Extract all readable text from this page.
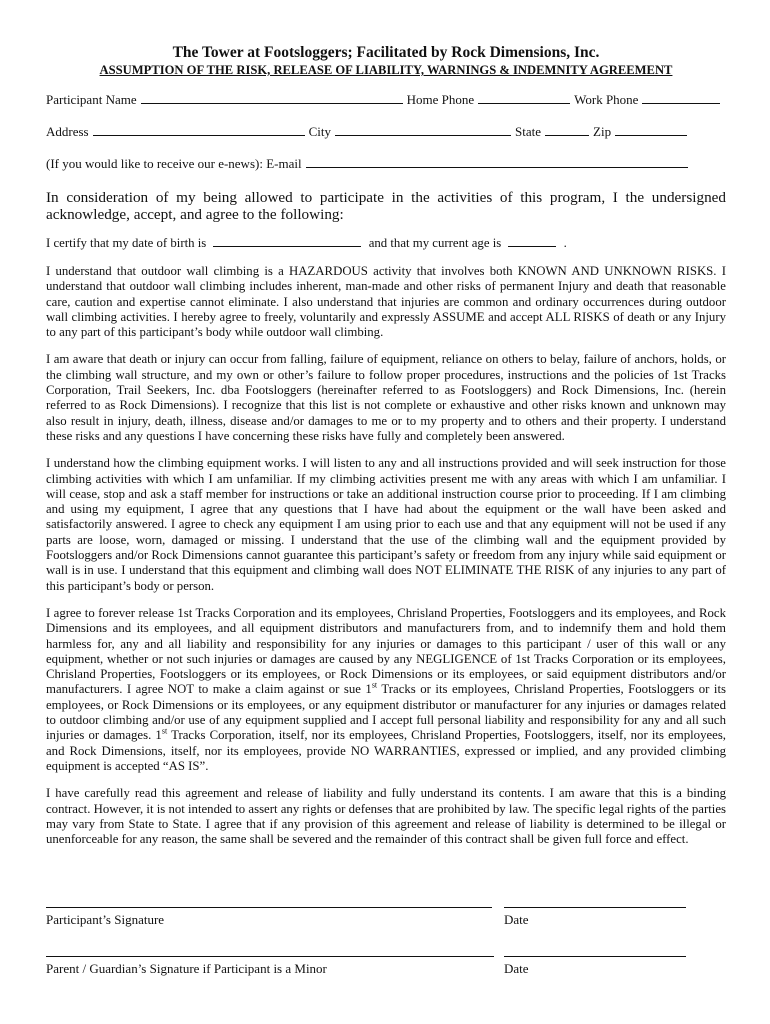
The Tower at Footsloggers; Facilitated by Rock Dimensions, Inc.
ASSUMPTION OF THE RISK, RELEASE OF LIABILITY, WARNINGS & INDEMNITY AGREEMENT
Participant Name	Home Phone	Work Phone
Address	City	State	Zip
(If you would like to receive our e-news): E-mail
In consideration of my being allowed to participate in the activities of this program, I the undersigned acknowledge, accept, and agree to the following:
I certify that my date of birth is	and that my current age is	.

I understand that outdoor wall climbing is a HAZARDOUS activity that involves both KNOWN AND UNKNOWN RISKS. I understand that outdoor wall climbing includes inherent, man-made and other risks of permanent Injury and death that reasonable care, caution and expertise cannot eliminate. I also understand that injuries are common and ordinary occurrences during outdoor wall climbing activities. I hereby agree to freely, voluntarily and expressly ASSUME and accept ALL RISKS of death or any Injury to any part of this participant’s body while outdoor wall climbing.

I am aware that death or injury can occur from falling, failure of equipment, reliance on others to belay, failure of anchors, holds, or the climbing wall structure, and my own or other’s failure to follow proper procedures, instructions and the policies of 1st Tracks Corporation, Trail Seekers, Inc. dba Footsloggers (hereinafter referred to as Footsloggers) and Rock Dimensions, Inc. (herein referred to as Rock Dimensions). I recognize that this list is not complete or exhaustive and other risks known and unknown may also result in injury, death, illness, disease and/or damages to me or to my property and to others and their property. I understand these risks and any questions I have concerning these risks have fully and completely been answered.

I understand how the climbing equipment works. I will listen to any and all instructions provided and will seek instruction for those climbing activities with which I am unfamiliar. If my climbing activities present me with any areas with which I am unfamiliar. I will cease, stop and ask a staff member for instructions or take an additional instruction course prior to proceeding. If I am climbing and using my equipment, I agree that any questions that I have had about the equipment or the wall have been asked and satisfactorily answered. I agree to check any equipment I am using prior to each use and that any equipment will not be used if any parts are loose, worn, damaged or missing. I understand that the use of the climbing wall and the equipment provided by Footsloggers and/or Rock Dimensions cannot guarantee this participant’s safety or freedom from any injury while said equipment or wall is in use. I understand that this equipment and climbing wall does NOT ELIMINATE THE RISK of any injuries to any part of this participant’s body or person.

I agree to forever release 1st Tracks Corporation and its employees, Chrisland Properties, Footsloggers and its employees, and Rock Dimensions and its employees, and all equipment distributors and manufacturers from, and to indemnify them and hold them harmless for, any and all liability and responsibility for any injuries or damages to this participant / user of this wall or any equipment, whether or not such injuries or damages are caused by any NEGLIGENCE of 1st Tracks Corporation or its employees, Chrisland Properties, Footsloggers or its employees, or Rock Dimensions or its employees, or said equipment distributors and/or manufacturers. I agree NOT to make a claim against or sue 1st Tracks or its employees, Chrisland Properties, Footsloggers or its employees, or Rock Dimensions or its employees, or any equipment distributor or manufacturer for any injuries or damages related to outdoor climbing and/or use of any equipment supplied and I accept full personal liability and responsibility for any and all such injuries or damages. 1st Tracks Corporation, itself, nor its employees, Chrisland Properties, Footsloggers, itself, nor its employees, and Rock Dimensions, itself, nor its employees, provide NO WARRANTIES, expressed or implied, and any provided climbing equipment is accepted “AS IS”.

I have carefully read this agreement and release of liability and fully understand its contents. I am aware that this is a binding contract. However, it is not intended to assert any rights or defenses that are prohibited by law. The specific legal rights of the parties may vary from State to State. I agree that if any provision of this agreement and release of liability is determined to be illegal or unenforceable for any reason, the same shall be severed and the remainder of this contract shall be given full force and effect.

Participant’s Signature	Date
Parent / Guardian’s Signature if Participant is a Minor	Date
